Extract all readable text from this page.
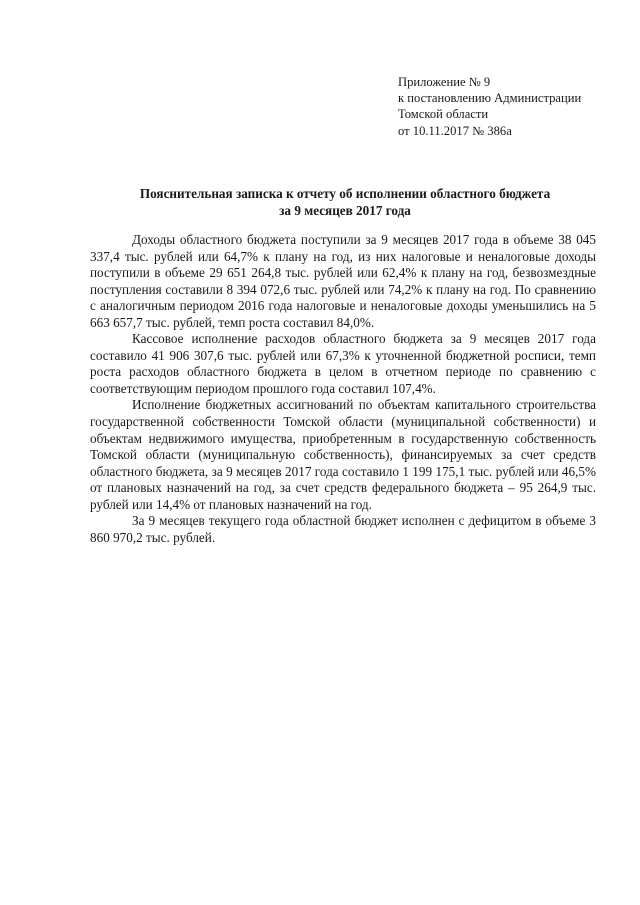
Приложение № 9
к постановлению Администрации
Томской области
от 10.11.2017 № 386а
Пояснительная записка к отчету об исполнении областного бюджета
за 9 месяцев 2017 года

Доходы областного бюджета поступили за 9 месяцев 2017 года в объеме 38 045 337,4 тыс. рублей или 64,7% к плану на год, из них налоговые и неналоговые доходы поступили в объеме 29 651 264,8 тыс. рублей или 62,4% к плану на год, безвозмездные поступления составили 8 394 072,6 тыс. рублей или 74,2% к плану на год. По сравнению с аналогичным периодом 2016 года налоговые и неналоговые доходы уменьшились на 5 663 657,7 тыс. рублей, темп роста составил 84,0%.

Кассовое исполнение расходов областного бюджета за 9 месяцев 2017 года составило 41 906 307,6 тыс. рублей или 67,3% к уточненной бюджетной росписи, темп роста расходов областного бюджета в целом в отчетном периоде по сравнению с соответствующим периодом прошлого года составил 107,4%.

Исполнение бюджетных ассигнований по объектам капитального строительства государственной собственности Томской области (муниципальной собственности) и объектам недвижимого имущества, приобретенным в государственную собственность Томской области (муниципальную собственность), финансируемых за счет средств областного бюджета, за 9 месяцев 2017 года составило 1 199 175,1 тыс. рублей или 46,5% от плановых назначений на год, за счет средств федерального бюджета – 95 264,9 тыс. рублей или 14,4% от плановых назначений на год.

За 9 месяцев текущего года областной бюджет исполнен с дефицитом в объеме 3 860 970,2 тыс. рублей.
